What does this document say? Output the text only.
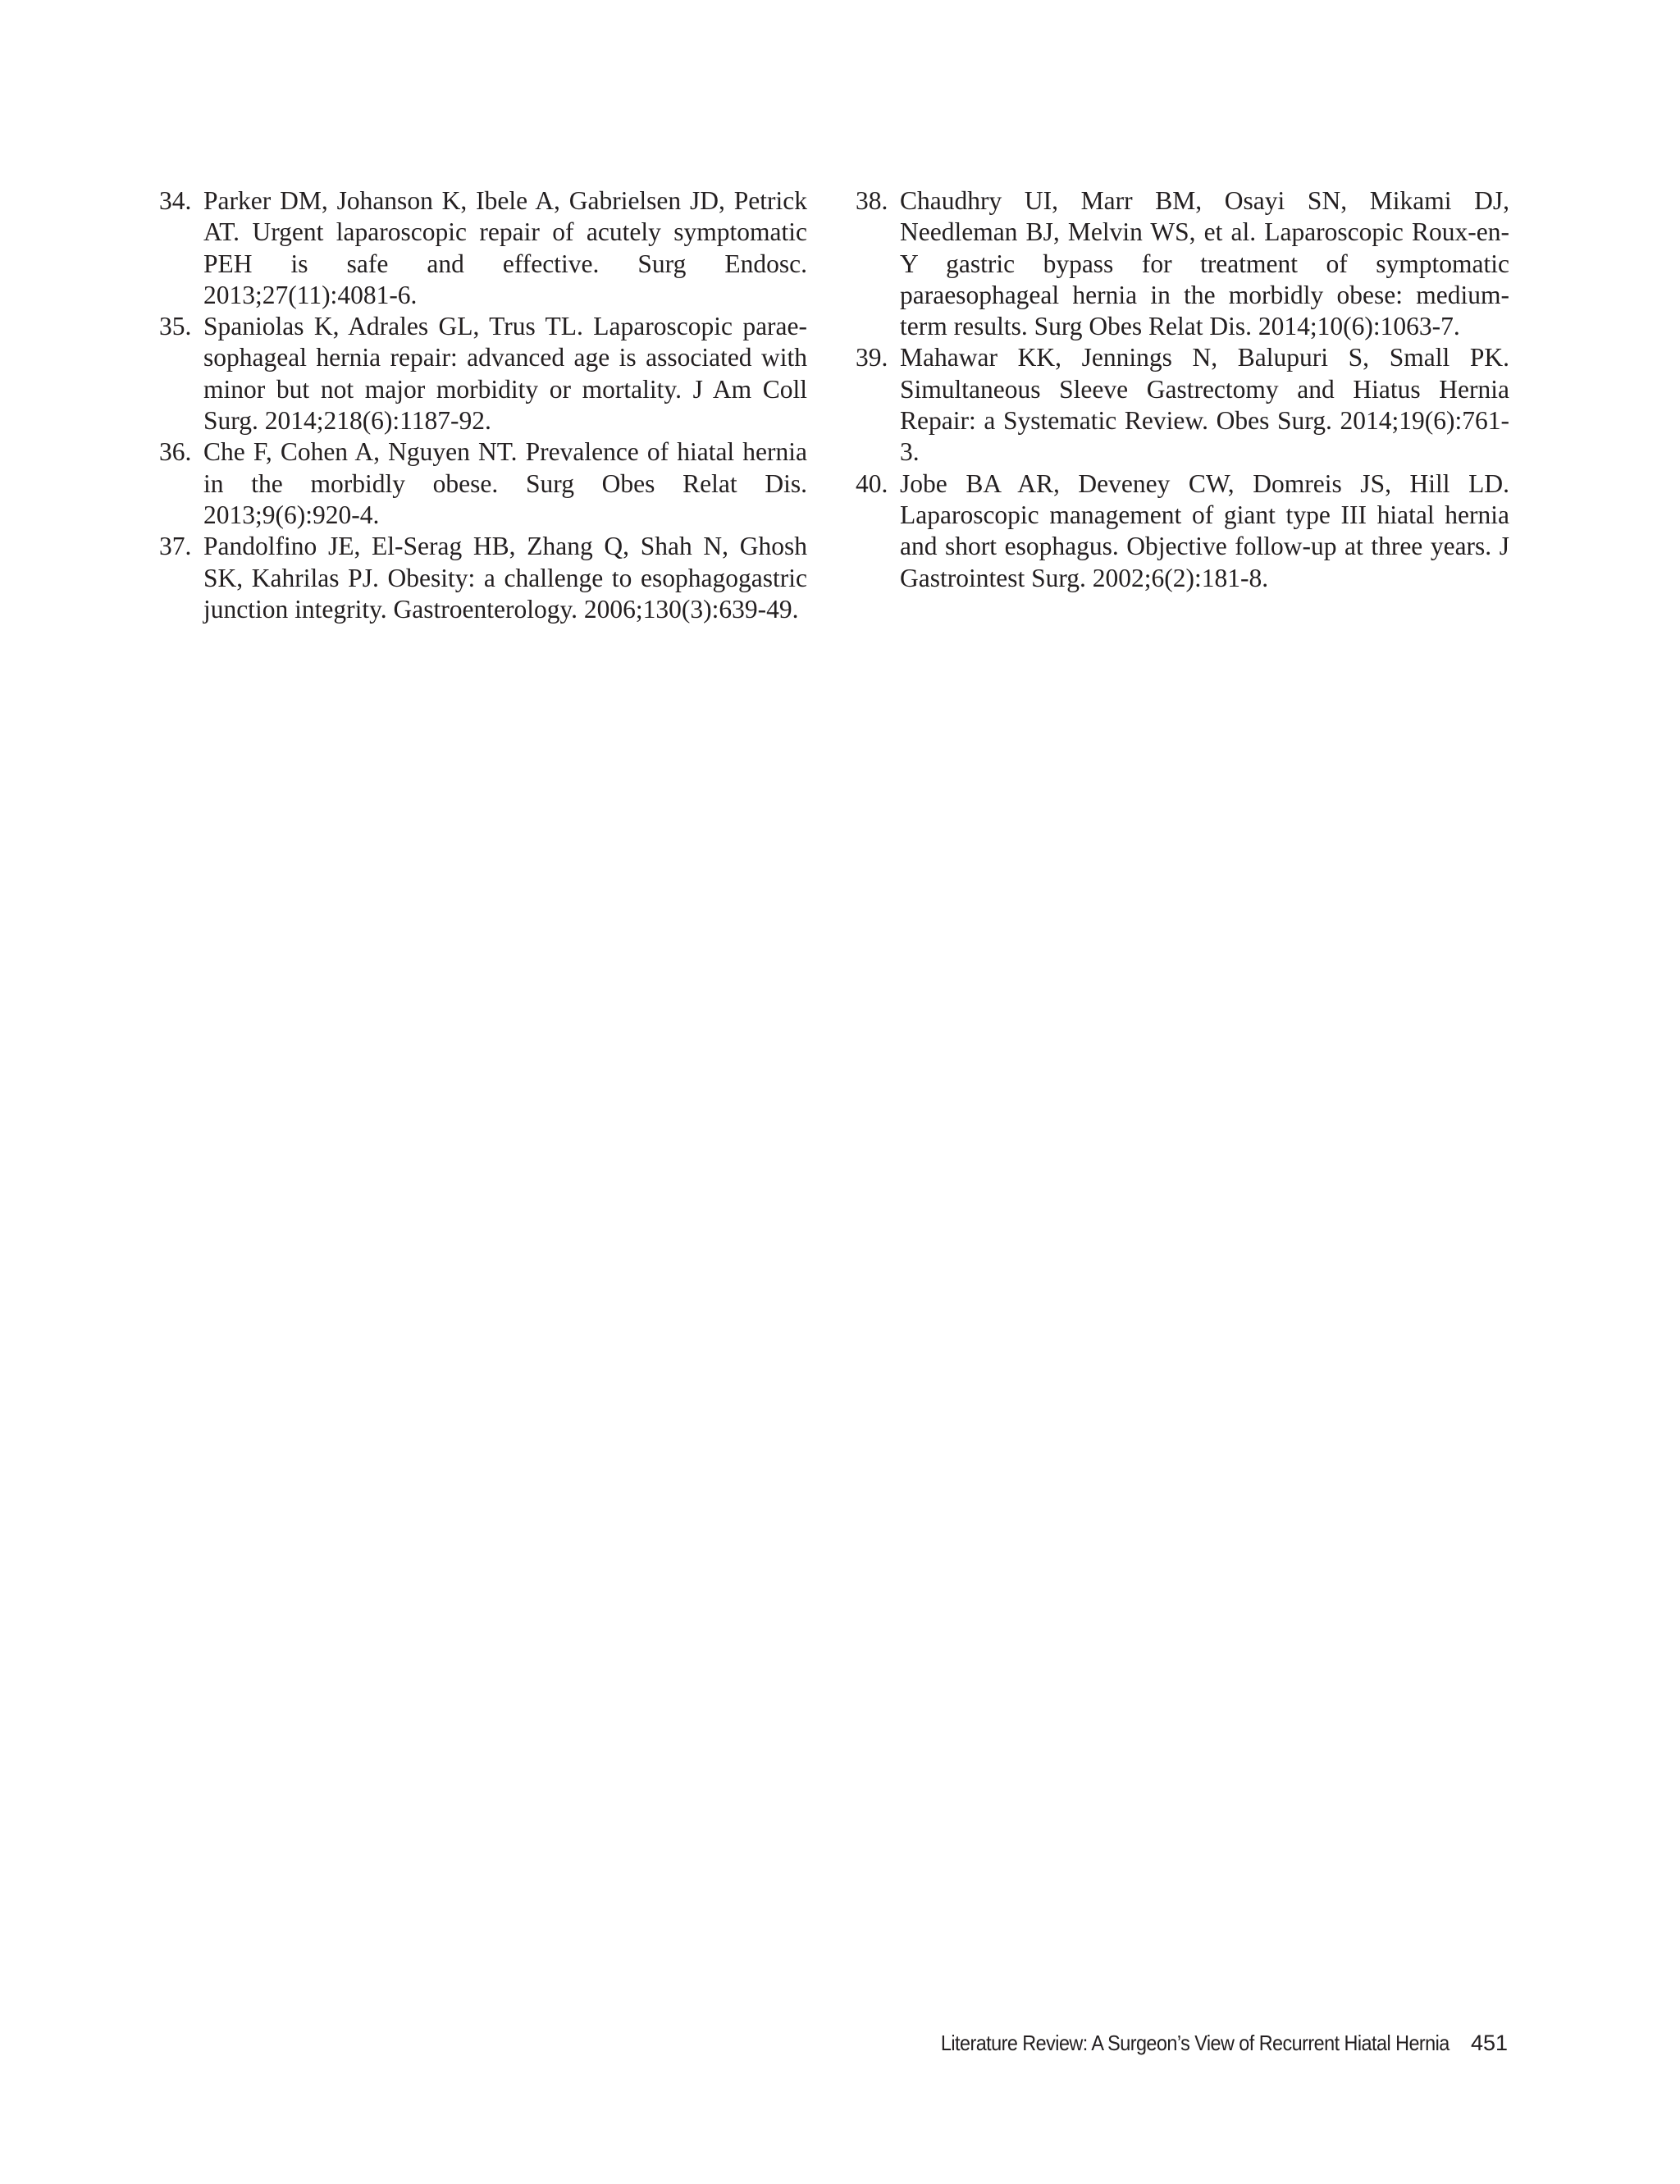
34. Parker DM, Johanson K, Ibele A, Gabrielsen JD, Petrick AT. Urgent laparoscopic repair of acutely symptomatic PEH is safe and effective. Surg Endosc. 2013;27(11):4081-6.
35. Spaniolas K, Adrales GL, Trus TL. Laparoscopic parae-sophageal hernia repair: advanced age is associated with minor but not major morbidity or mortality. J Am Coll Surg. 2014;218(6):1187-92.
36. Che F, Cohen A, Nguyen NT. Prevalence of hiatal hernia in the morbidly obese. Surg Obes Relat Dis. 2013;9(6):920-4.
37. Pandolfino JE, El-Serag HB, Zhang Q, Shah N, Ghosh SK, Kahrilas PJ. Obesity: a challenge to esophagogastric junction integrity. Gastroenterology. 2006;130(3):639-49.
38. Chaudhry UI, Marr BM, Osayi SN, Mikami DJ, Needleman BJ, Melvin WS, et al. Laparoscopic Roux-en-Y gastric bypass for treatment of symptomatic paraesophageal hernia in the morbidly obese: medium-term results. Surg Obes Relat Dis. 2014;10(6):1063-7.
39. Mahawar KK, Jennings N, Balupuri S, Small PK. Simultaneous Sleeve Gastrectomy and Hiatus Hernia Repair: a Systematic Review. Obes Surg. 2014;19(6):761-3.
40. Jobe BA AR, Deveney CW, Domreis JS, Hill LD. Laparoscopic management of giant type III hiatal hernia and short esophagus. Objective follow-up at three years. J Gastrointest Surg. 2002;6(2):181-8.
Literature Review: A Surgeon’s View of Recurrent Hiatal Hernia 451
